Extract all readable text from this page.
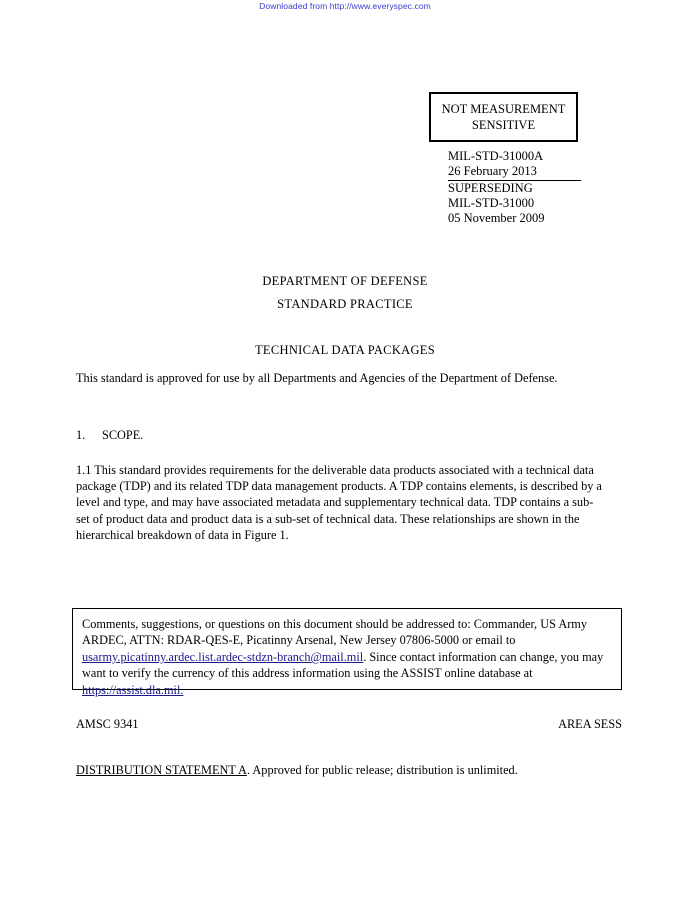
Downloaded from http://www.everyspec.com
NOT MEASUREMENT
SENSITIVE
MIL-STD-31000A
26 February 2013
SUPERSEDING
MIL-STD-31000
05 November 2009
DEPARTMENT OF DEFENSE
STANDARD PRACTICE
TECHNICAL DATA PACKAGES
This standard is approved for use by all Departments and Agencies of the Department of Defense.
1. SCOPE.
1.1 This standard provides requirements for the deliverable data products associated with a technical data package (TDP) and its related TDP data management products. A TDP contains elements, is described by a level and type, and may have associated metadata and supplementary technical data. TDP contains a sub-set of product data and product data is a sub-set of technical data. These relationships are shown in the hierarchical breakdown of data in Figure 1.
Comments, suggestions, or questions on this document should be addressed to: Commander, US Army ARDEC, ATTN: RDAR-QES-E, Picatinny Arsenal, New Jersey 07806-5000 or email to usarmy.picatinny.ardec.list.ardec-stdzn-branch@mail.mil. Since contact information can change, you may want to verify the currency of this address information using the ASSIST online database at https://assist.dla.mil.
AMSC 9341	AREA SESS
DISTRIBUTION STATEMENT A. Approved for public release; distribution is unlimited.
